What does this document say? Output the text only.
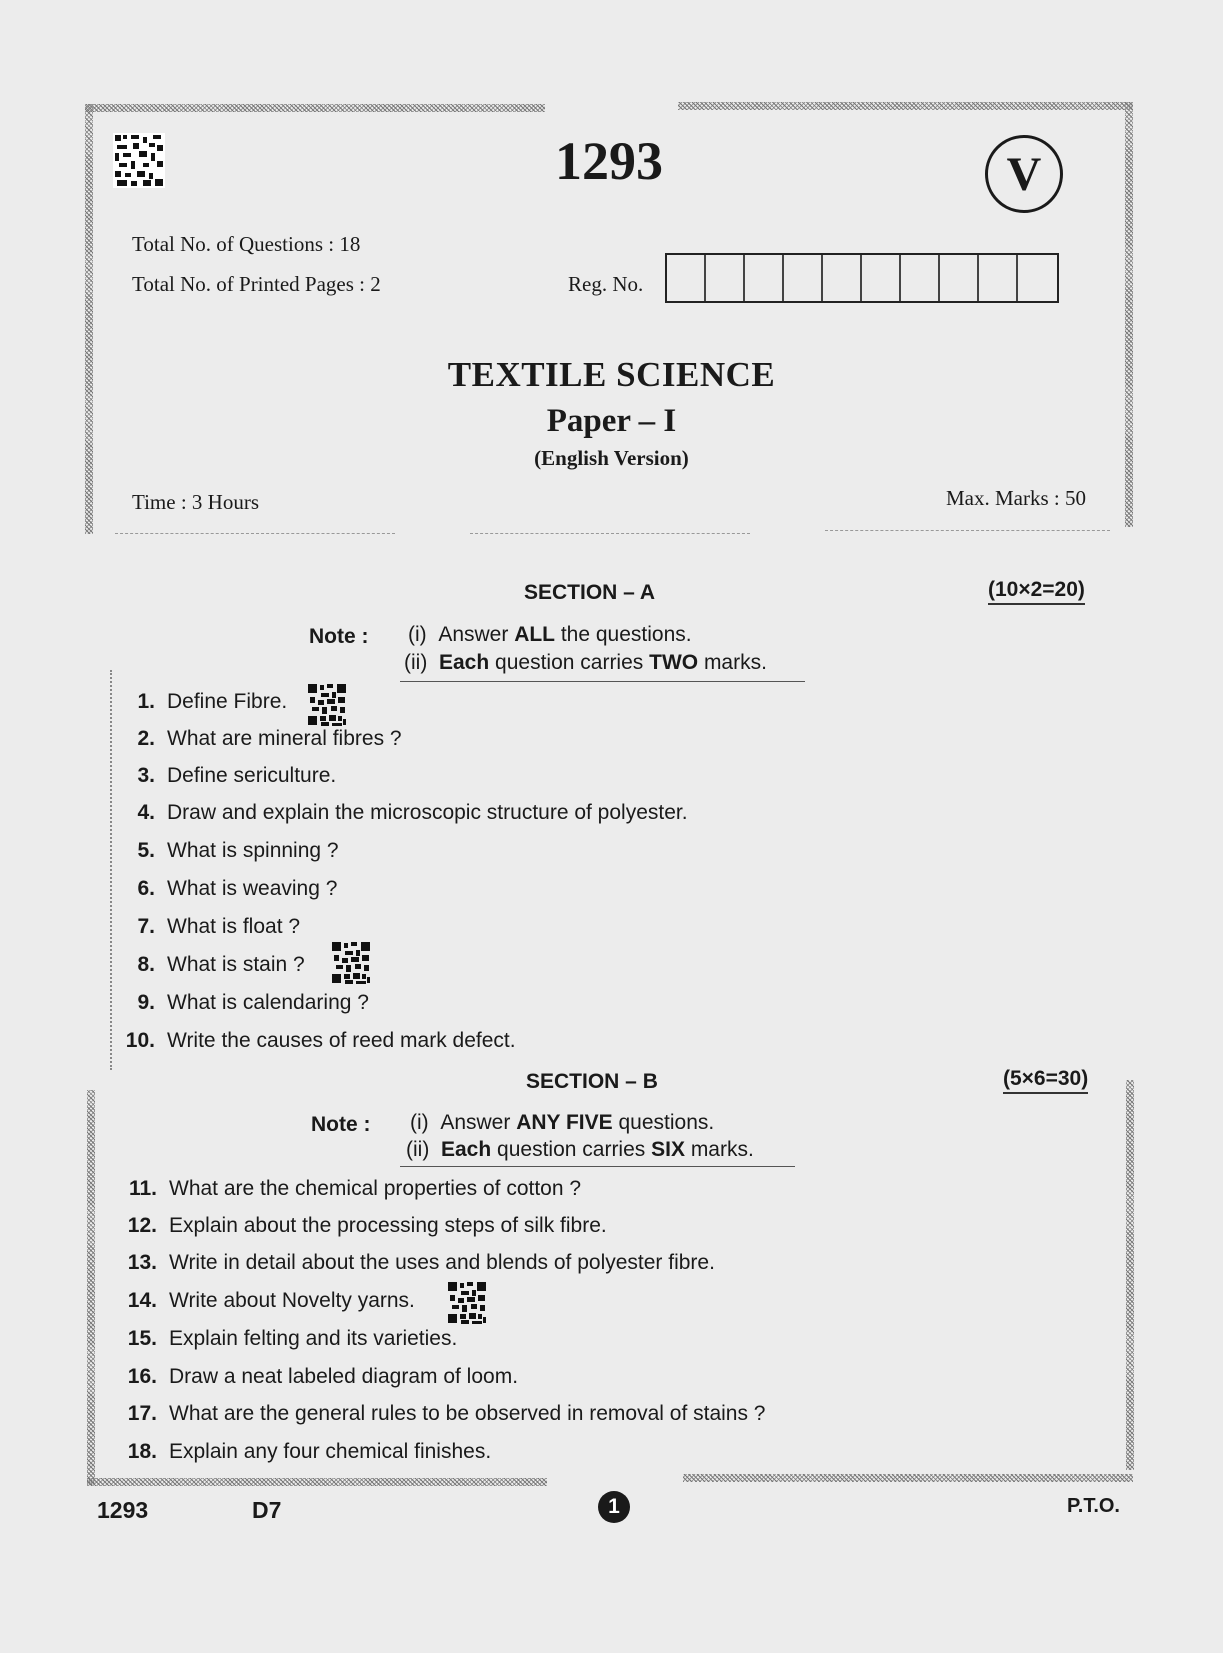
1293	V
Total No. of Questions : 18
Total No. of Printed Pages : 2	Reg. No.
TEXTILE SCIENCE
Paper – I
(English Version)
Time : 3 Hours	Max. Marks : 50
SECTION – A	(10×2=20)
Note : (i) Answer ALL the questions.
(ii) Each question carries TWO marks.
1. Define Fibre.
2. What are mineral fibres ?
3. Define sericulture.
4. Draw and explain the microscopic structure of polyester.
5. What is spinning ?
6. What is weaving ?
7. What is float ?
8. What is stain ?
9. What is calendaring ?
10. Write the causes of reed mark defect.
SECTION – B	(5×6=30)
Note : (i) Answer ANY FIVE questions.
(ii) Each question carries SIX marks.
11. What are the chemical properties of cotton ?
12. Explain about the processing steps of silk fibre.
13. Write in detail about the uses and blends of polyester fibre.
14. Write about Novelty yarns.
15. Explain felting and its varieties.
16. Draw a neat labeled diagram of loom.
17. What are the general rules to be observed in removal of stains ?
18. Explain any four chemical finishes.
1293	D7	1	P.T.O.
